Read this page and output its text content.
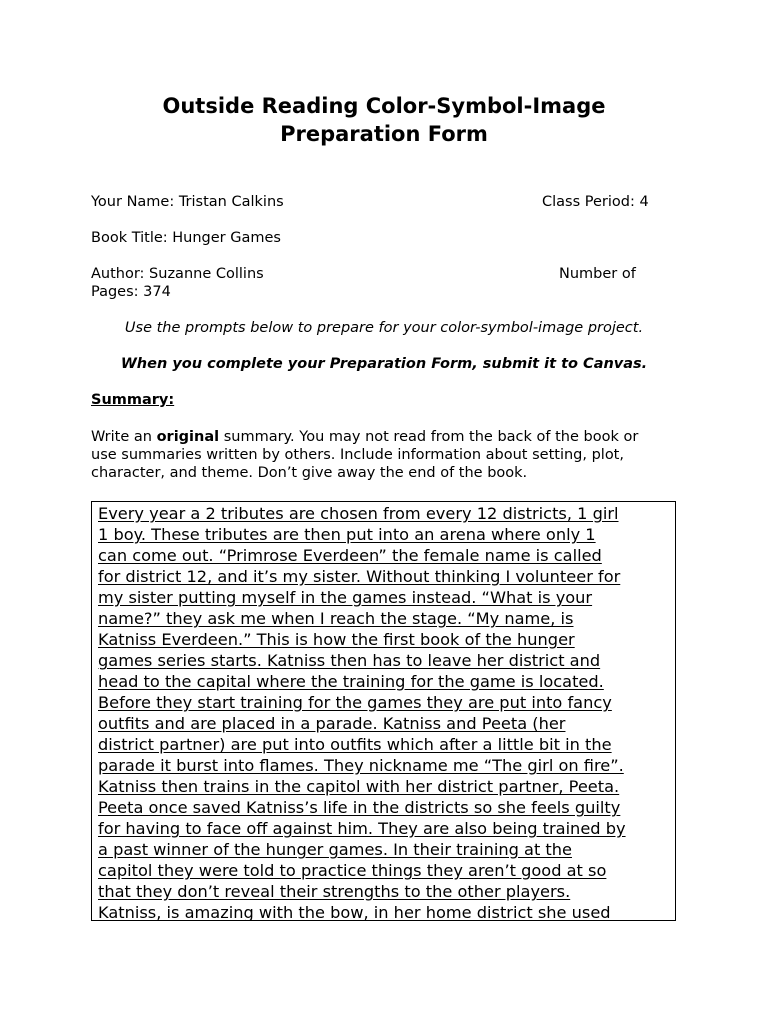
Outside Reading Color-Symbol-Image
Preparation Form
Your Name: Tristan Calkins	Class Period: 4
Book Title: Hunger Games
Author: Suzanne Collins	Number of
Pages: 374
Use the prompts below to prepare for your color-symbol-image project.
When you complete your Preparation Form, submit it to Canvas.
Summary:
Write an original summary. You may not read from the back of the book or
use summaries written by others. Include information about setting, plot,
character, and theme. Don’t give away the end of the book.
Every year a 2 tributes are chosen from every 12 districts, 1 girl
1 boy. These tributes are then put into an arena where only 1
can come out. “Primrose Everdeen” the female name is called
for district 12, and it’s my sister. Without thinking I volunteer for
my sister putting myself in the games instead. “What is your
name?” they ask me when I reach the stage. “My name, is
Katniss Everdeen.” This is how the first book of the hunger
games series starts. Katniss then has to leave her district and
head to the capital where the training for the game is located.
Before they start training for the games they are put into fancy
outfits and are placed in a parade. Katniss and Peeta (her
district partner) are put into outfits which after a little bit in the
parade it burst into flames. They nickname me “The girl on fire”.
Katniss then trains in the capitol with her district partner, Peeta.
Peeta once saved Katniss’s life in the districts so she feels guilty
for having to face off against him. They are also being trained by
a past winner of the hunger games. In their training at the
capitol they were told to practice things they aren’t good at so
that they don’t reveal their strengths to the other players.
Katniss, is amazing with the bow, in her home district she used
